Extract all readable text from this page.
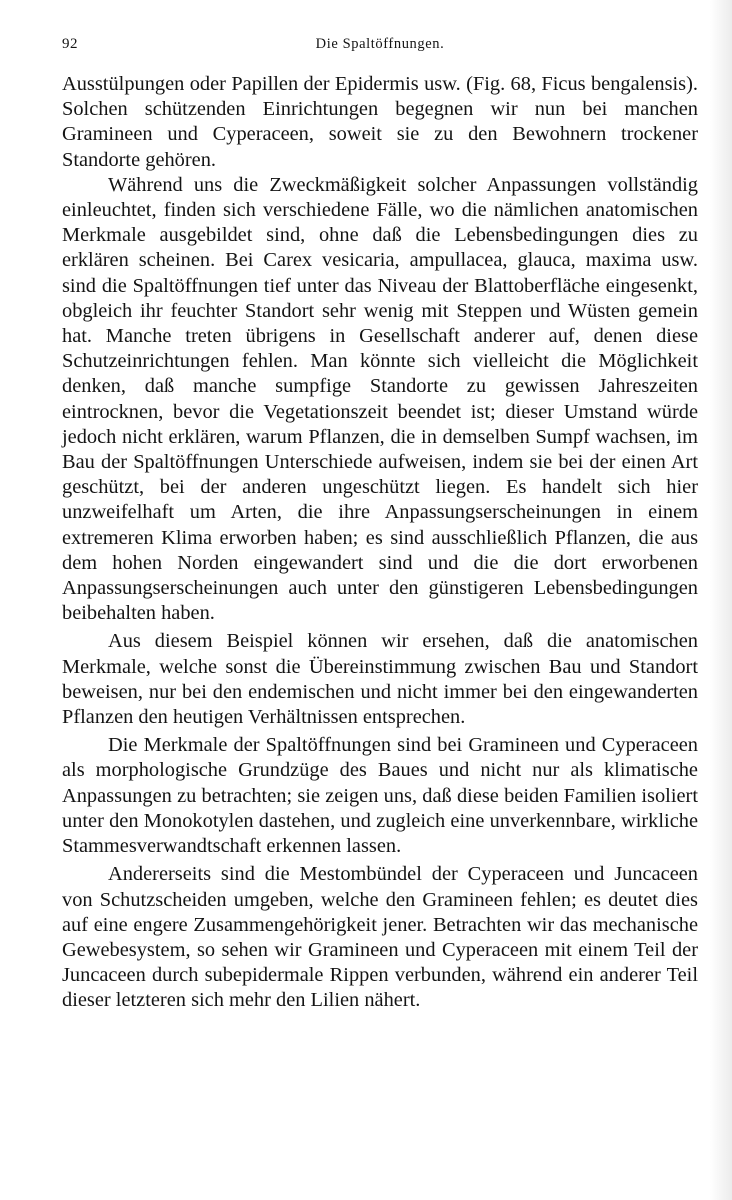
92	Die Spaltöffnungen.

Ausstülpungen oder Papillen der Epidermis usw. (Fig. 68, Ficus bengalensis). Solchen schützenden Einrichtungen begegnen wir nun bei manchen Gramineen und Cyperaceen, soweit sie zu den Bewohnern trockener Standorte gehören.

Während uns die Zweckmäßigkeit solcher Anpassungen vollständig einleuchtet, finden sich verschiedene Fälle, wo die nämlichen anatomischen Merkmale ausgebildet sind, ohne daß die Lebensbedingungen dies zu erklären scheinen. Bei Carex vesicaria, ampullacea, glauca, maxima usw. sind die Spaltöffnungen tief unter das Niveau der Blattoberfläche eingesenkt, obgleich ihr feuchter Standort sehr wenig mit Steppen und Wüsten gemein hat. Manche treten übrigens in Gesellschaft anderer auf, denen diese Schutzeinrichtungen fehlen. Man könnte sich vielleicht die Möglichkeit denken, daß manche sumpfige Standorte zu gewissen Jahreszeiten eintrocknen, bevor die Vegetationszeit beendet ist; dieser Umstand würde jedoch nicht erklären, warum Pflanzen, die in demselben Sumpf wachsen, im Bau der Spaltöffnungen Unterschiede aufweisen, indem sie bei der einen Art geschützt, bei der anderen ungeschützt liegen. Es handelt sich hier unzweifelhaft um Arten, die ihre Anpassungserscheinungen in einem extremeren Klima erworben haben; es sind ausschließlich Pflanzen, die aus dem hohen Norden eingewandert sind und die die dort erworbenen Anpassungserscheinungen auch unter den günstigeren Lebensbedingungen beibehalten haben.

Aus diesem Beispiel können wir ersehen, daß die anatomischen Merkmale, welche sonst die Übereinstimmung zwischen Bau und Standort beweisen, nur bei den endemischen und nicht immer bei den eingewanderten Pflanzen den heutigen Verhältnissen entsprechen.

Die Merkmale der Spaltöffnungen sind bei Gramineen und Cyperaceen als morphologische Grundzüge des Baues und nicht nur als klimatische Anpassungen zu betrachten; sie zeigen uns, daß diese beiden Familien isoliert unter den Monokotylen dastehen, und zugleich eine unverkennbare, wirkliche Stammesverwandtschaft erkennen lassen.

Andererseits sind die Mestombündel der Cyperaceen und Juncaceen von Schutzscheiden umgeben, welche den Gramineen fehlen; es deutet dies auf eine engere Zusammengehörigkeit jener. Betrachten wir das mechanische Gewebesystem, so sehen wir Gramineen und Cyperaceen mit einem Teil der Juncaceen durch subepidermale Rippen verbunden, während ein anderer Teil dieser letzteren sich mehr den Lilien nähert.
